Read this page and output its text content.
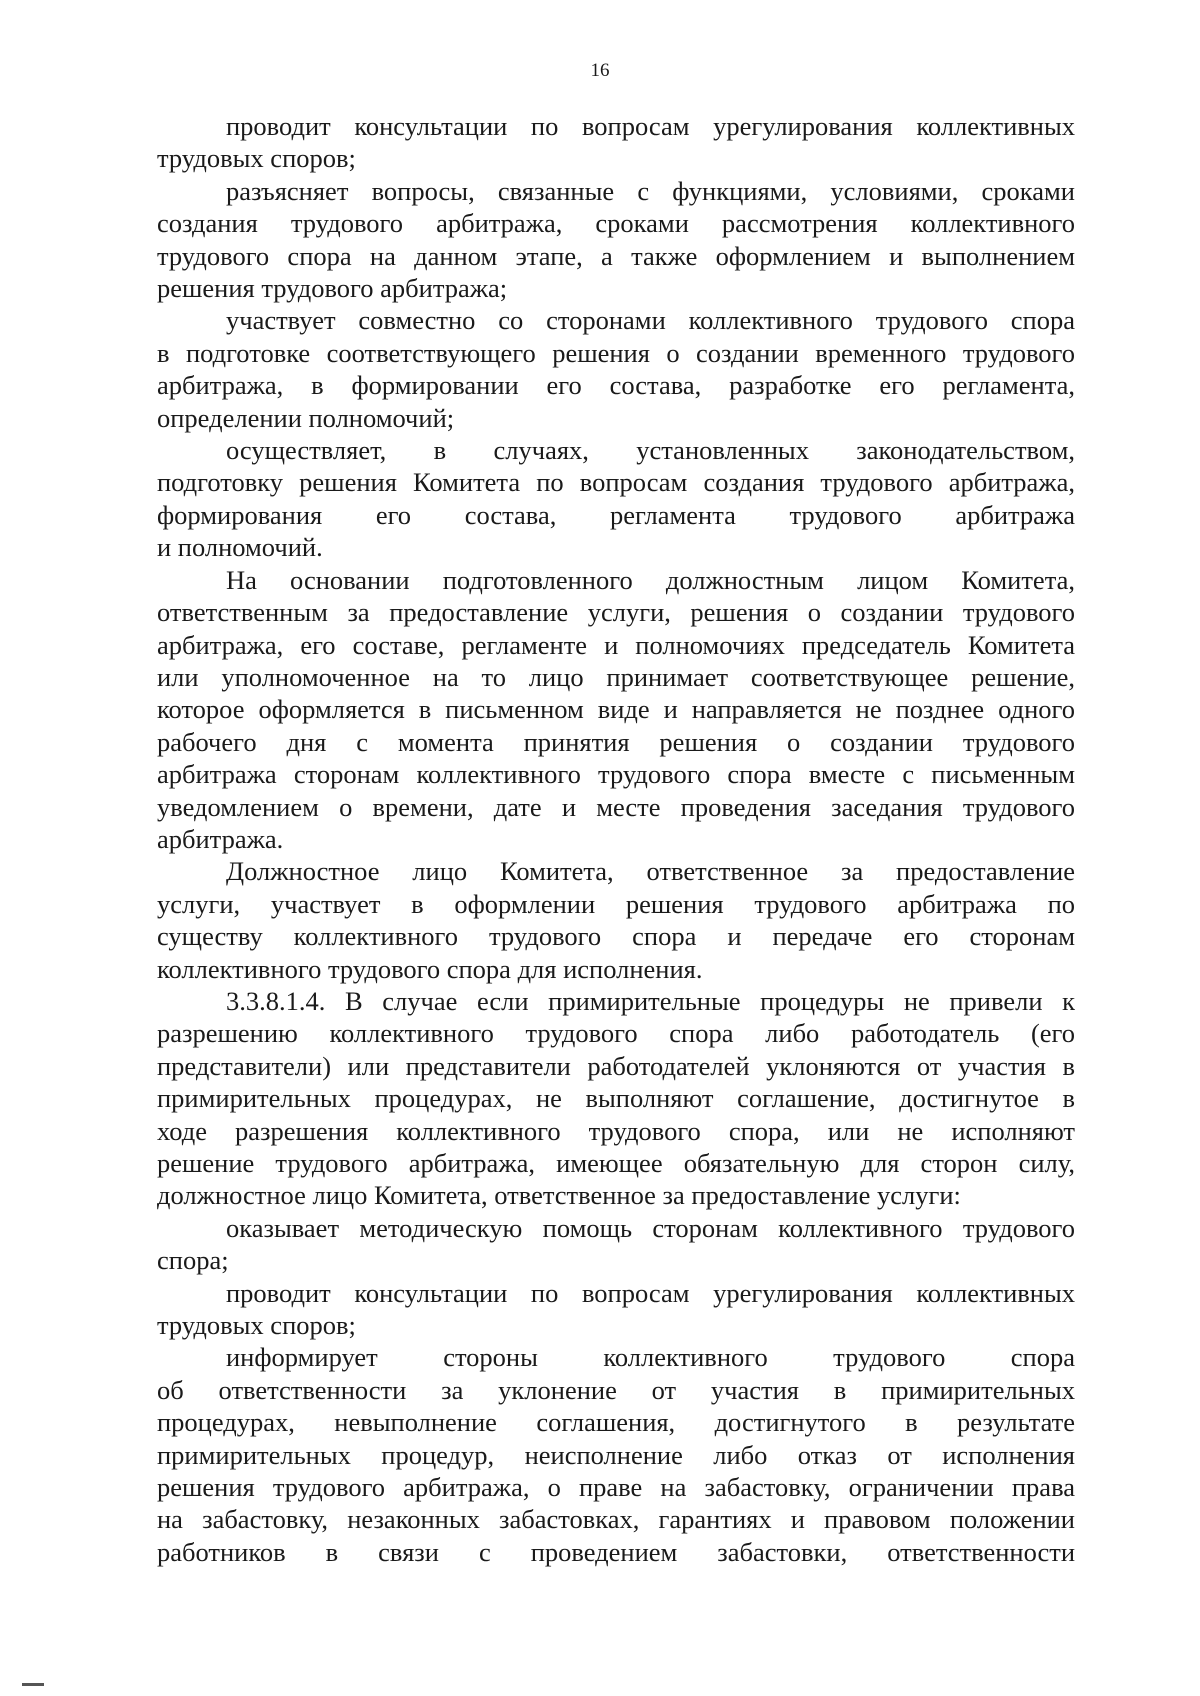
16
проводит консультации по вопросам урегулирования коллективных
трудовых споров;
разъясняет вопросы, связанные с функциями, условиями, сроками
создания трудового арбитража, сроками рассмотрения коллективного
трудового спора на данном этапе, а также оформлением и выполнением
решения трудового арбитража;
участвует совместно со сторонами коллективного трудового спора
в подготовке соответствующего решения о создании временного трудового
арбитража, в формировании его состава, разработке его регламента,
определении полномочий;
осуществляет, в случаях, установленных законодательством,
подготовку решения Комитета по вопросам создания трудового арбитража,
формирования его состава, регламента трудового арбитража
и полномочий.
На основании подготовленного должностным лицом Комитета,
ответственным за предоставление услуги, решения о создании трудового
арбитража, его составе, регламенте и полномочиях председатель Комитета
или уполномоченное на то лицо принимает соответствующее решение,
которое оформляется в письменном виде и направляется не позднее одного
рабочего дня с момента принятия решения о создании трудового
арбитража сторонам коллективного трудового спора вместе с письменным
уведомлением о времени, дате и месте проведения заседания трудового
арбитража.
Должностное лицо Комитета, ответственное за предоставление
услуги, участвует в оформлении решения трудового арбитража по
существу коллективного трудового спора и передаче его сторонам
коллективного трудового спора для исполнения.
3.3.8.1.4. В случае если примирительные процедуры не привели к
разрешению коллективного трудового спора либо работодатель (его
представители) или представители работодателей уклоняются от участия в
примирительных процедурах, не выполняют соглашение, достигнутое в
ходе разрешения коллективного трудового спора, или не исполняют
решение трудового арбитража, имеющее обязательную для сторон силу,
должностное лицо Комитета, ответственное за предоставление услуги:
оказывает методическую помощь сторонам коллективного трудового
спора;
проводит консультации по вопросам урегулирования коллективных
трудовых споров;
информирует стороны коллективного трудового спора
об ответственности за уклонение от участия в примирительных
процедурах, невыполнение соглашения, достигнутого в результате
примирительных процедур, неисполнение либо отказ от исполнения
решения трудового арбитража, о праве на забастовку, ограничении права
на забастовку, незаконных забастовках, гарантиях и правовом положении
работников в связи с проведением забастовки, ответственности
